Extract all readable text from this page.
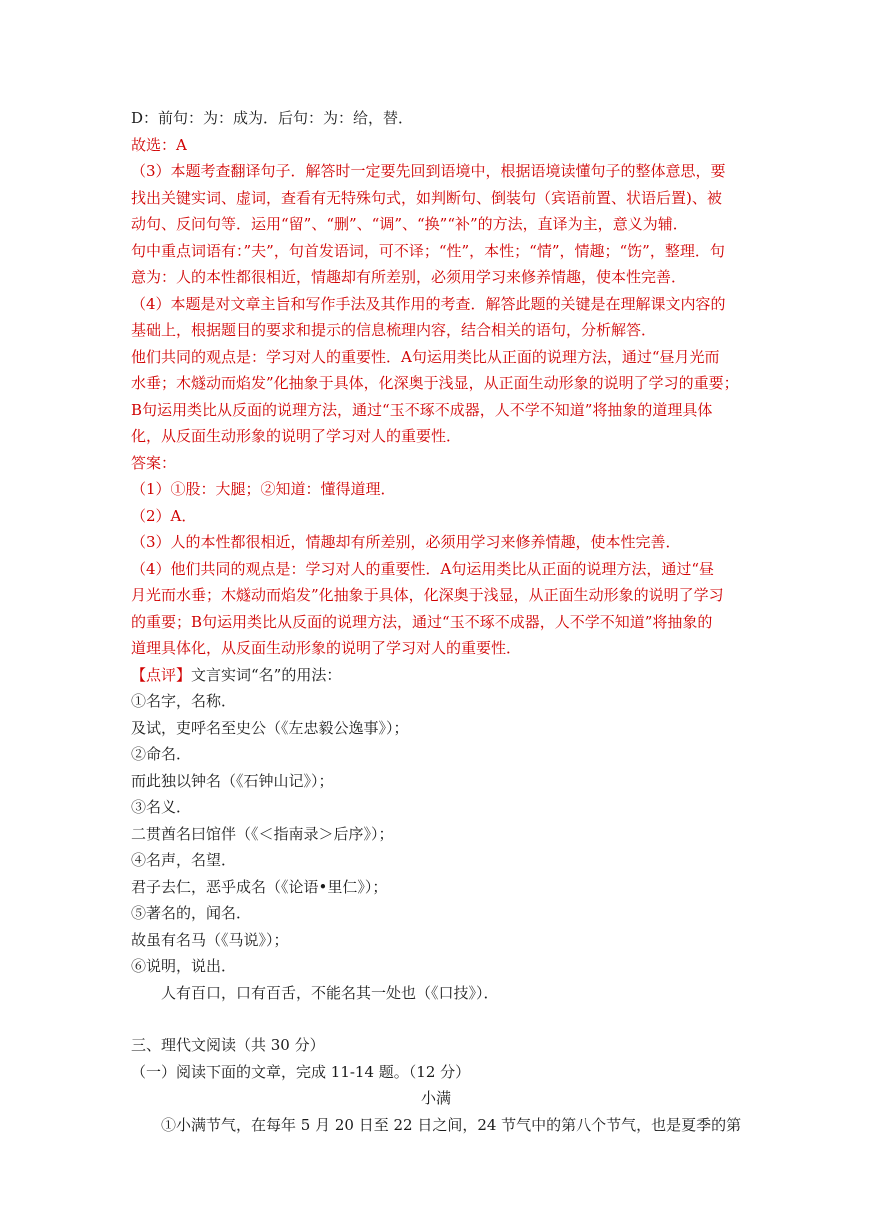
D：前句：为：成为．后句：为：给，替．
故选：A
（3）本题考查翻译句子．解答时一定要先回到语境中，根据语境读懂句子的整体意思，要
找出关键实词、虚词，查看有无特殊句式，如判断句、倒装句（宾语前置、状语后置)、被
动句、反问句等．运用“留”、“删”、“调”、“换”“补”的方法，直译为主，意义为辅．
句中重点词语有：”夫”，句首发语词，可不译；“性”，本性；“情”，情趣；“饬”，整理．句
意为：人的本性都很相近，情趣却有所差别，必须用学习来修养情趣，使本性完善．
（4）本题是对文章主旨和写作手法及其作用的考查．解答此题的关键是在理解课文内容的
基础上，根据题目的要求和提示的信息梳理内容，结合相关的语句，分析解答．
他们共同的观点是：学习对人的重要性．A句运用类比从正面的说理方法，通过“昼月光而
水垂；木燧动而焰发”化抽象于具体，化深奥于浅显，从正面生动形象的说明了学习的重要；
B句运用类比从反面的说理方法，通过“玉不琢不成器，人不学不知道”将抽象的道理具体
化，从反面生动形象的说明了学习对人的重要性．
答案：
（1）①股：大腿；②知道：懂得道理．
（2）A．
（3）人的本性都很相近，情趣却有所差别，必须用学习来修养情趣，使本性完善．
（4）他们共同的观点是：学习对人的重要性．A句运用类比从正面的说理方法，通过“昼
月光而水垂；木燧动而焰发”化抽象于具体，化深奥于浅显，从正面生动形象的说明了学习
的重要；B句运用类比从反面的说理方法，通过“玉不琢不成器，人不学不知道”将抽象的
道理具体化，从反面生动形象的说明了学习对人的重要性．
【点评】文言实词“名”的用法：
①名字，名称．
及试，吏呼名至史公（《左忠毅公逸事》）；
②命名．
而此独以钟名（《石钟山记》）；
③名义．
二贯酋名曰馆伴（《＜指南录＞后序》）；
④名声，名望．
君子去仁，恶乎成名（《论语•里仁》）；
⑤著名的，闻名．
故虽有名马（《马说》）；
⑥说明，说出．
人有百口，口有百舌，不能名其一处也（《口技》）．
三、理代文阅读（共 30 分）
（一）阅读下面的文章，完成 11-14 题。（12 分）
小满
①小满节气，在每年 5 月 20 日至 22 日之间，24 节气中的第八个节气，也是夏季的第
